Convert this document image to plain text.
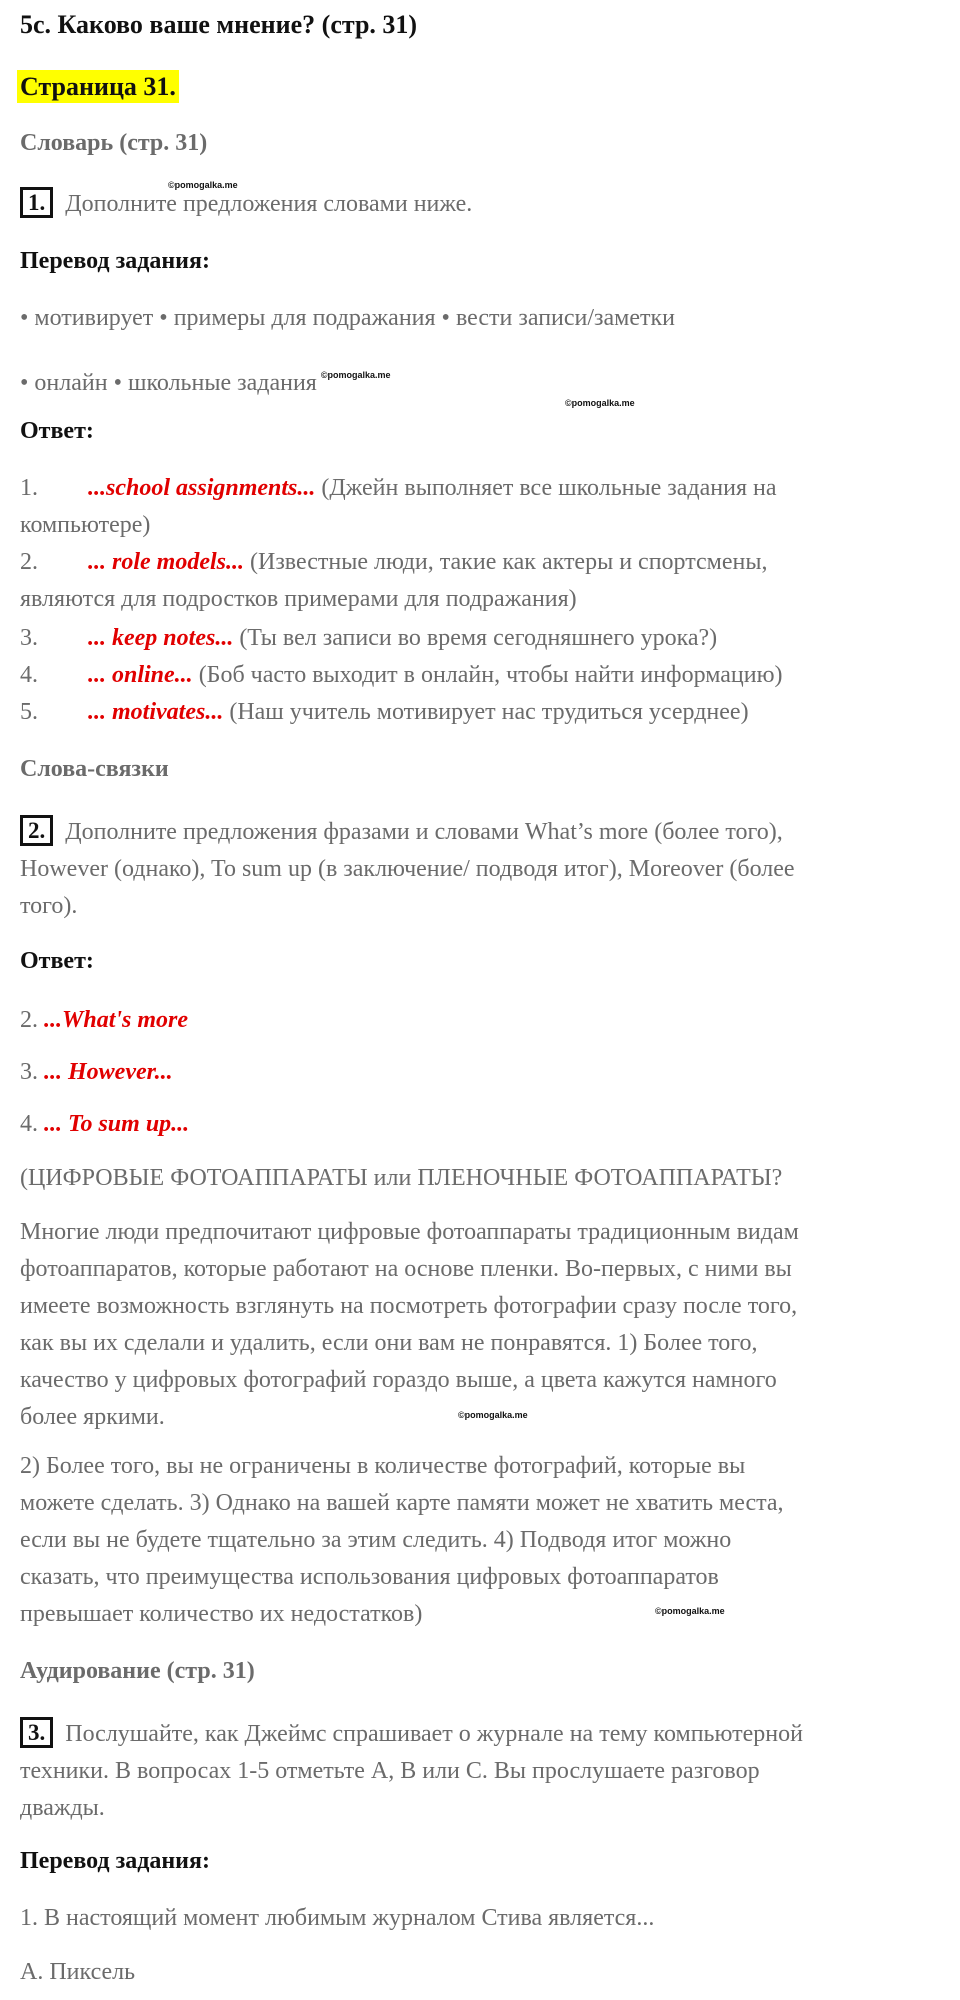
5c. Каково ваше мнение? (стр. 31)
Страница 31.
Словарь (стр. 31)
©pomogalka.me
1. Дополните предложения словами ниже.
Перевод задания:
• мотивирует • примеры для подражания • вести записи/заметки
• онлайн • школьные задания $^{©pomogalka.me}$
©pomogalka.me
Ответ:
1. ...school assignments... (Джейн выполняет все школьные задания на
компьютере)
2. ... role models... (Известные люди, такие как актеры и спортсмены,
являются для подростков примерами для подражания)
3. ... keep notes... (Ты вел записи во время сегодняшнего урока?)
4. ... online... (Боб часто выходит в онлайн, чтобы найти информацию)
5. ... motivates... (Наш учитель мотивирует нас трудиться усерднее)
Слова-связки
2. Дополните предложения фразами и словами What’s more (более того),
However (однако), To sum up (в заключение/ подводя итог), Moreover (более
того).
Ответ:
2. ...What's more
3. ... However...
4. ... To sum up...
(ЦИФРОВЫЕ ФОТОАППАРАТЫ или ПЛЕНОЧНЫЕ ФОТОАППАРАТЫ?
Многие люди предпочитают цифровые фотоаппараты традиционным видам
фотоаппаратов, которые работают на основе пленки. Во-первых, с ними вы
имеете возможность взглянуть на посмотреть фотографии сразу после того,
как вы их сделали и удалить, если они вам не понравятся. 1) Более того,
качество у цифровых фотографий гораздо выше, а цвета кажутся намного
более яркими.	©pomogalka.me
2) Более того, вы не ограничены в количестве фотографий, которые вы
можете сделать. 3) Однако на вашей карте памяти может не хватить места,
если вы не будете тщательно за этим следить. 4) Подводя итог можно
сказать, что преимущества использования цифровых фотоаппаратов
превышает количество их недостатков)	©pomogalka.me
Аудирование (стр. 31)
3. Послушайте, как Джеймс спрашивает о журнале на тему компьютерной
техники. В вопросах 1-5 отметьте A, B или C. Вы прослушаете разговор
дважды.
Перевод задания:
1. В настоящий момент любимым журналом Стива является...
A. Пиксель
